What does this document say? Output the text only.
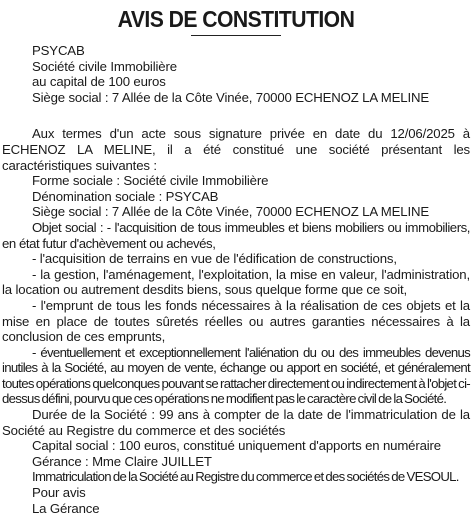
AVIS DE CONSTITUTION
PSYCAB
Société civile Immobilière
au capital de 100 euros
Siège social : 7 Allée de la Côte Vinée, 70000 ECHENOZ LA MELINE

Aux termes d'un acte sous signature privée en date du 12/06/2025 à ECHENOZ LA MELINE, il a été constitué une société présentant les caractéristiques suivantes :

Forme sociale : Société civile Immobilière

Dénomination sociale : PSYCAB

Siège social : 7 Allée de la Côte Vinée, 70000 ECHENOZ LA MELINE

Objet social : - l'acquisition de tous immeubles et biens mobiliers ou immobiliers, en état futur d'achèvement ou achevés,

- l'acquisition de terrains en vue de l'édification de constructions,

- la gestion, l'aménagement, l'exploitation, la mise en valeur, l'administration, la location ou autrement desdits biens, sous quelque forme que ce soit,

- l'emprunt de tous les fonds nécessaires à la réalisation de ces objets et la mise en place de toutes sûretés réelles ou autres garanties nécessaires à la conclusion de ces emprunts,

- éventuellement et exceptionnellement l'aliénation du ou des immeubles devenus inutiles à la Société, au moyen de vente, échange ou apport en société, et généralement toutes opérations quelconques pouvant se rattacher directement ou indirectement à l'objet ci-dessus défini, pourvu que ces opérations ne modifient pas le caractère civil de la Société.

Durée de la Société : 99 ans à compter de la date de l'immatriculation de la Société au Registre du commerce et des sociétés

Capital social : 100 euros, constitué uniquement d'apports en numéraire

Gérance : Mme Claire JUILLET

Immatriculation de la Société au Registre du commerce et des sociétés de VESOUL.

Pour avis

La Gérance
